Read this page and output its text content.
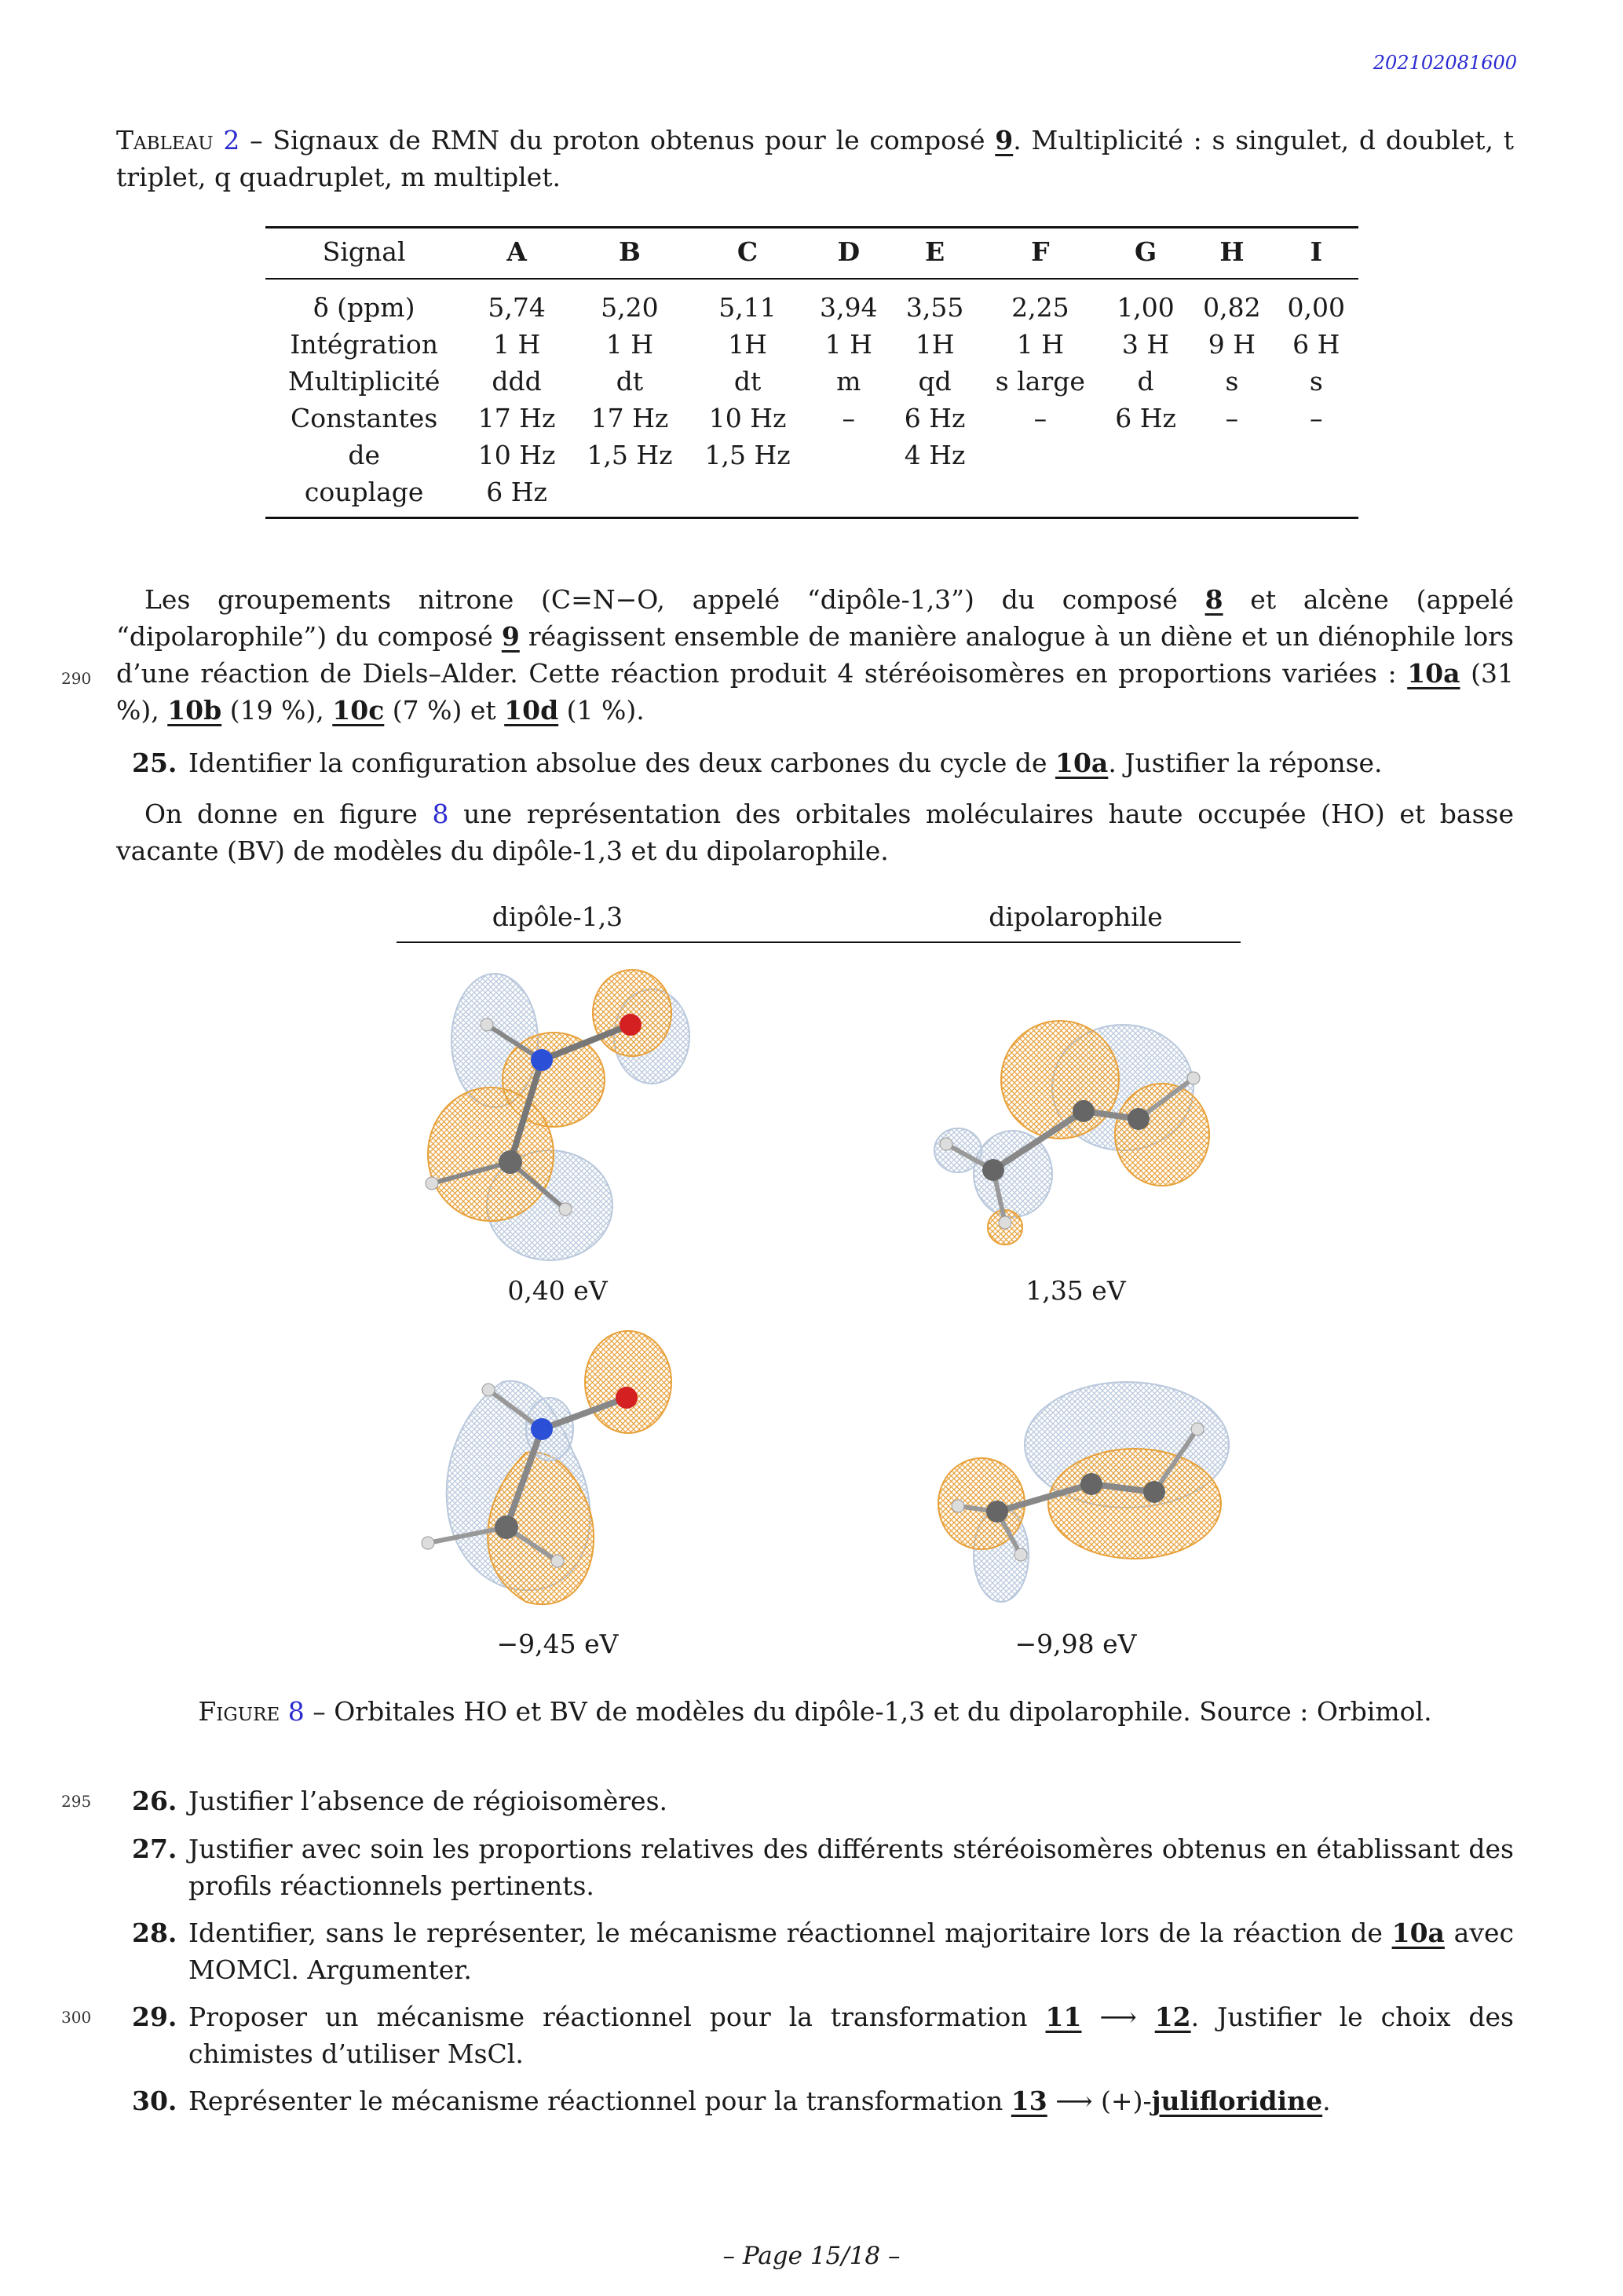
202102081600
Tableau 2 – Signaux de RMN du proton obtenus pour le composé 9. Multiplicité : s singulet, d doublet, t triplet, q quadruplet, m multiplet.
Signal	A	B	C	D	E	F	G	H	I
δ (ppm)	5,74	5,20	5,11	3,94	3,55	2,25	1,00	0,82	0,00
Intégration	1 H	1 H	1H	1 H	1H	1 H	3 H	9 H	6 H
Multiplicité	ddd	dt	dt	m	qd	s large	d	s	s
Constantes	17 Hz	17 Hz	10 Hz	–	6 Hz	–	6 Hz	–	–
de	10 Hz	1,5 Hz	1,5 Hz		4 Hz				
couplage	6 Hz								
Les groupements nitrone (C=N−O, appelé “dipôle-1,3”) du composé 8 et alcène (appelé “dipolarophile”) du composé 9 réagissent ensemble de manière analogue à un diène et un diénophile lors d’une réaction de Diels–Alder. Cette réaction produit 4 stéréoisomères en proportions variées : 10a (31 %), 10b (19 %), 10c (7 %) et 10d (1 %).
290
25. Identifier la configuration absolue des deux carbones du cycle de 10a. Justifier la réponse.
On donne en figure 8 une représentation des orbitales moléculaires haute occupée (HO) et basse vacante (BV) de modèles du dipôle-1,3 et du dipolarophile.
dipôle-1,3	dipolarophile
0,40 eV	1,35 eV
−9,45 eV	−9,98 eV
Figure 8 – Orbitales HO et BV de modèles du dipôle-1,3 et du dipolarophile. Source : Orbimol.
295 26. Justifier l’absence de régioisomères.
27. Justifier avec soin les proportions relatives des différents stéréoisomères obtenus en établissant des profils réactionnels pertinents.
28. Identifier, sans le représenter, le mécanisme réactionnel majoritaire lors de la réaction de 10a avec MOMCl. Argumenter.
300 29. Proposer un mécanisme réactionnel pour la transformation 11 ⟶ 12. Justifier le choix des chimistes d’utiliser MsCl.
30. Représenter le mécanisme réactionnel pour la transformation 13 ⟶ (+)-julifloridine.
– Page 15/18 –
